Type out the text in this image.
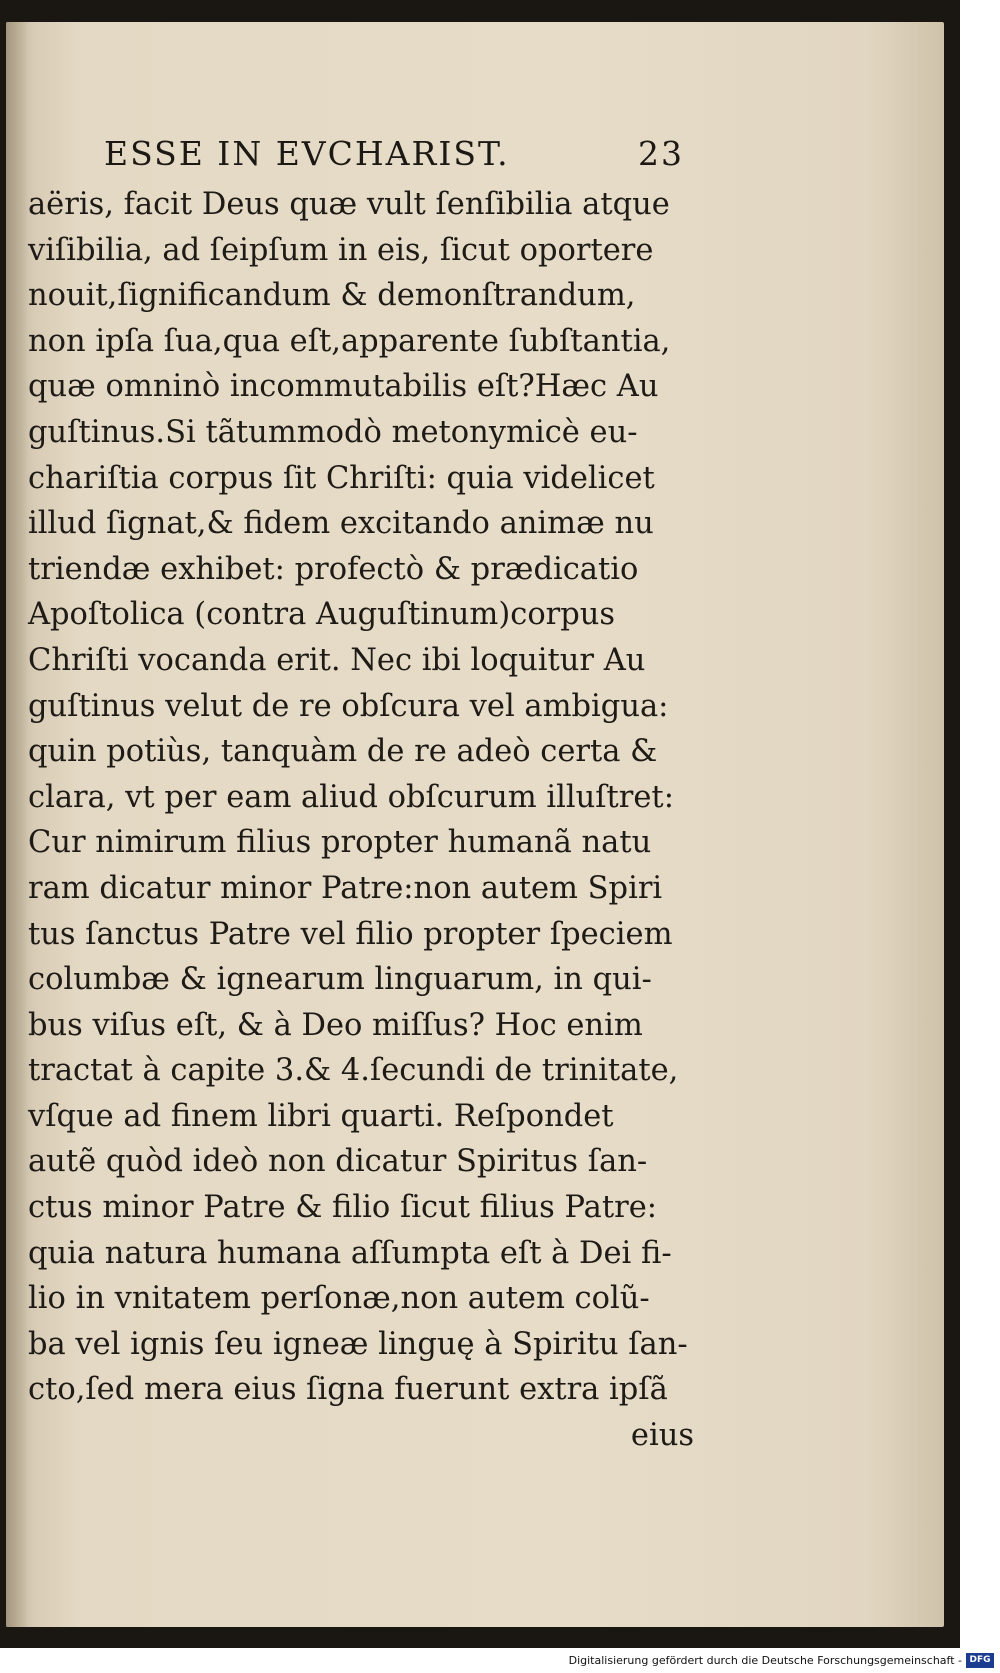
ESSE IN EVCHARIST.	23
aëris, facit Deus quæ vult ſenſibilia atque
viſibilia, ad ſeipſum in eis, ſicut oportere
nouit,ſignificandum & demonſtrandum,
non ipſa ſua,qua eſt,apparente ſubſtantia,
quæ omninò incommutabilis eſt?Hæc Au
guſtinus.Si tãtummodò metonymicè eu-
chariſtia corpus ſit Chriſti: quia videlicet
illud ſignat,& fidem excitando animæ nu
triendæ exhibet: profectò & prædicatio
Apoſtolica (contra Auguſtinum)corpus
Chriſti vocanda erit. Nec ibi loquitur Au
guſtinus velut de re obſcura vel ambigua:
quin potiùs, tanquàm de re adeò certa &
clara, vt per eam aliud obſcurum illuſtret:
Cur nimirum filius propter humanã natu
ram dicatur minor Patre:non autem Spiri
tus ſanctus Patre vel filio propter ſpeciem
columbæ & ignearum linguarum, in qui-
bus viſus eſt, & à Deo miſſus? Hoc enim
tractat à capite 3.& 4.ſecundi de trinitate,
vſque ad finem libri quarti. Reſpondet
autẽ quòd ideò non dicatur Spiritus ſan-
ctus minor Patre & filio ſicut filius Patre:
quia natura humana aſſumpta eſt à Dei fi-
lio in vnitatem perſonæ,non autem colũ-
ba vel ignis ſeu igneæ linguę à Spiritu ſan-
cto,ſed mera eius ſigna fuerunt extra ipſã
eius
Digitalisierung gefördert durch die Deutsche Forschungsgemeinschaft - DFG
